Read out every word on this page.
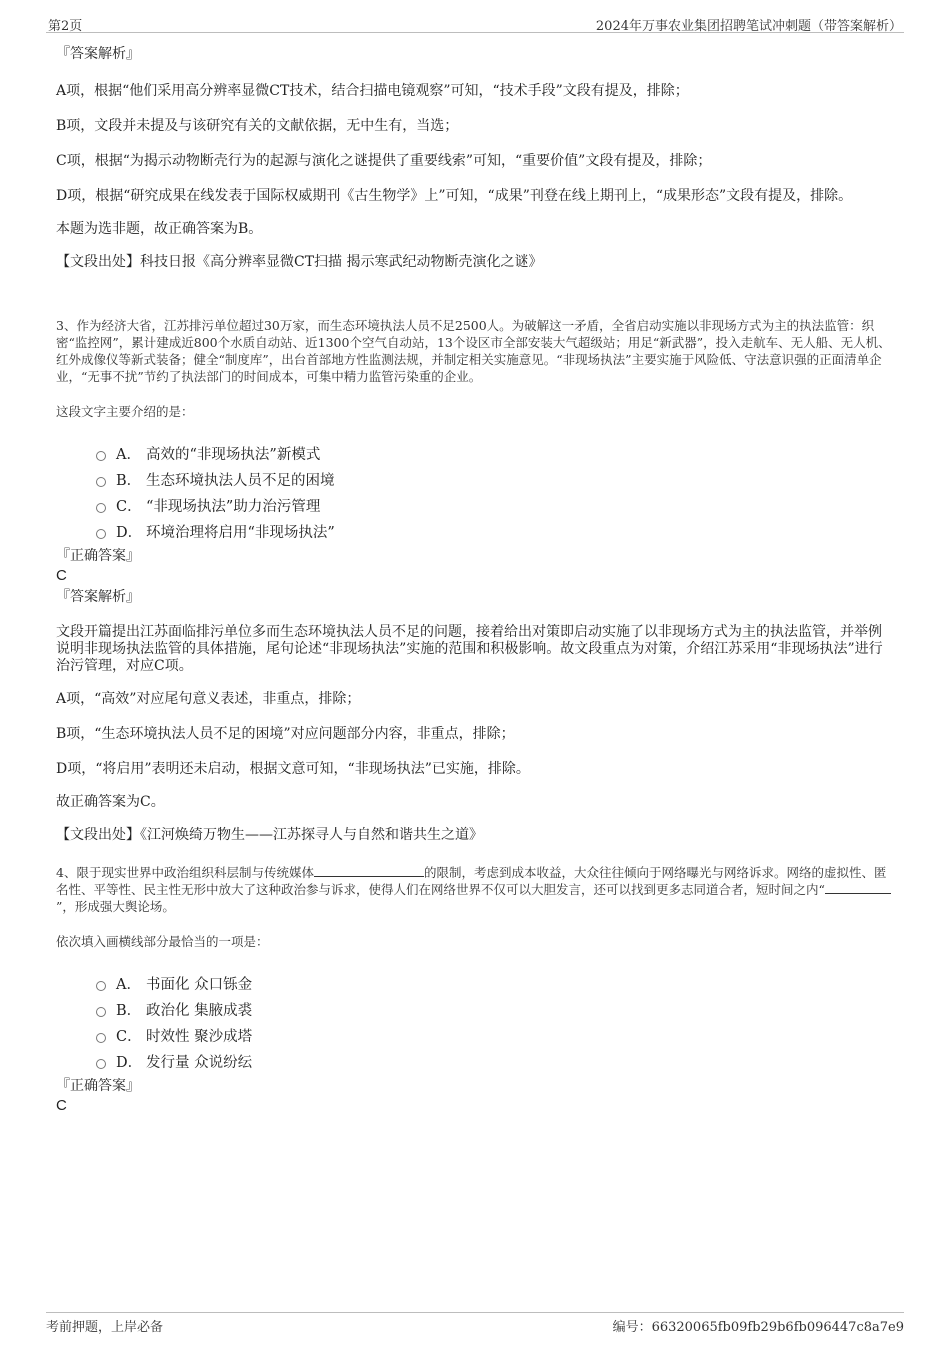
第2页	2024年万事农业集团招聘笔试冲刺题（带答案解析）

『答案解析』

A项，根据“他们采用高分辨率显微CT技术，结合扫描电镜观察”可知，“技术手段”文段有提及，排除；

B项，文段并未提及与该研究有关的文献依据，无中生有，当选；

C项，根据“为揭示动物断壳行为的起源与演化之谜提供了重要线索”可知，“重要价值”文段有提及，排除；

D项，根据“研究成果在线发表于国际权威期刊《古生物学》上”可知，“成果”刊登在线上期刊上，“成果形态”文段有提及，排除。

本题为选非题，故正确答案为B。

【文段出处】科技日报《高分辨率显微CT扫描 揭示寒武纪动物断壳演化之谜》

3、作为经济大省，江苏排污单位超过30万家，而生态环境执法人员不足2500人。为破解这一矛盾，全省启动实施以非现场方式为主的执法监管：织密“监控网”，累计建成近800个水质自动站、近1300个空气自动站，13个设区市全部安装大气超级站；用足“新武器”，投入走航车、无人船、无人机、红外成像仪等新式装备；健全“制度库”，出台首部地方性监测法规，并制定相关实施意见。“非现场执法”主要实施于风险低、守法意识强的正面清单企业，“无事不扰”节约了执法部门的时间成本，可集中精力监管污染重的企业。

这段文字主要介绍的是：

A． 高效的“非现场执法”新模式
B． 生态环境执法人员不足的困境
C． “非现场执法”助力治污管理
D． 环境治理将启用“非现场执法”

『正确答案』

C

『答案解析』

文段开篇提出江苏面临排污单位多而生态环境执法人员不足的问题，接着给出对策即启动实施了以非现场方式为主的执法监管，并举例说明非现场执法监管的具体措施，尾句论述“非现场执法”实施的范围和积极影响。故文段重点为对策，介绍江苏采用“非现场执法”进行治污管理，对应C项。

A项，“高效”对应尾句意义表述，非重点，排除；

B项，“生态环境执法人员不足的困境”对应问题部分内容，非重点，排除；

D项，“将启用”表明还未启动，根据文意可知，“非现场执法”已实施，排除。

故正确答案为C。

【文段出处】《江河焕绮万物生——江苏探寻人与自然和谐共生之道》

4、限于现实世界中政治组织科层制与传统媒体	的限制，考虑到成本收益，大众往往倾向于网络曝光与网络诉求。网络的虚拟性、匿名性、平等性、民主性无形中放大了这种政治参与诉求，使得人们在网络世界不仅可以大胆发言，还可以找到更多志同道合者，短时间之内“”，形成强大舆论场。

依次填入画横线部分最恰当的一项是：

A． 书面化 众口铄金
B． 政治化 集腋成裘
C． 时效性 聚沙成塔
D． 发行量 众说纷纭

『正确答案』

C

考前押题，上岸必备	编号：66320065fb09fb29b6fb096447c8a7e9
